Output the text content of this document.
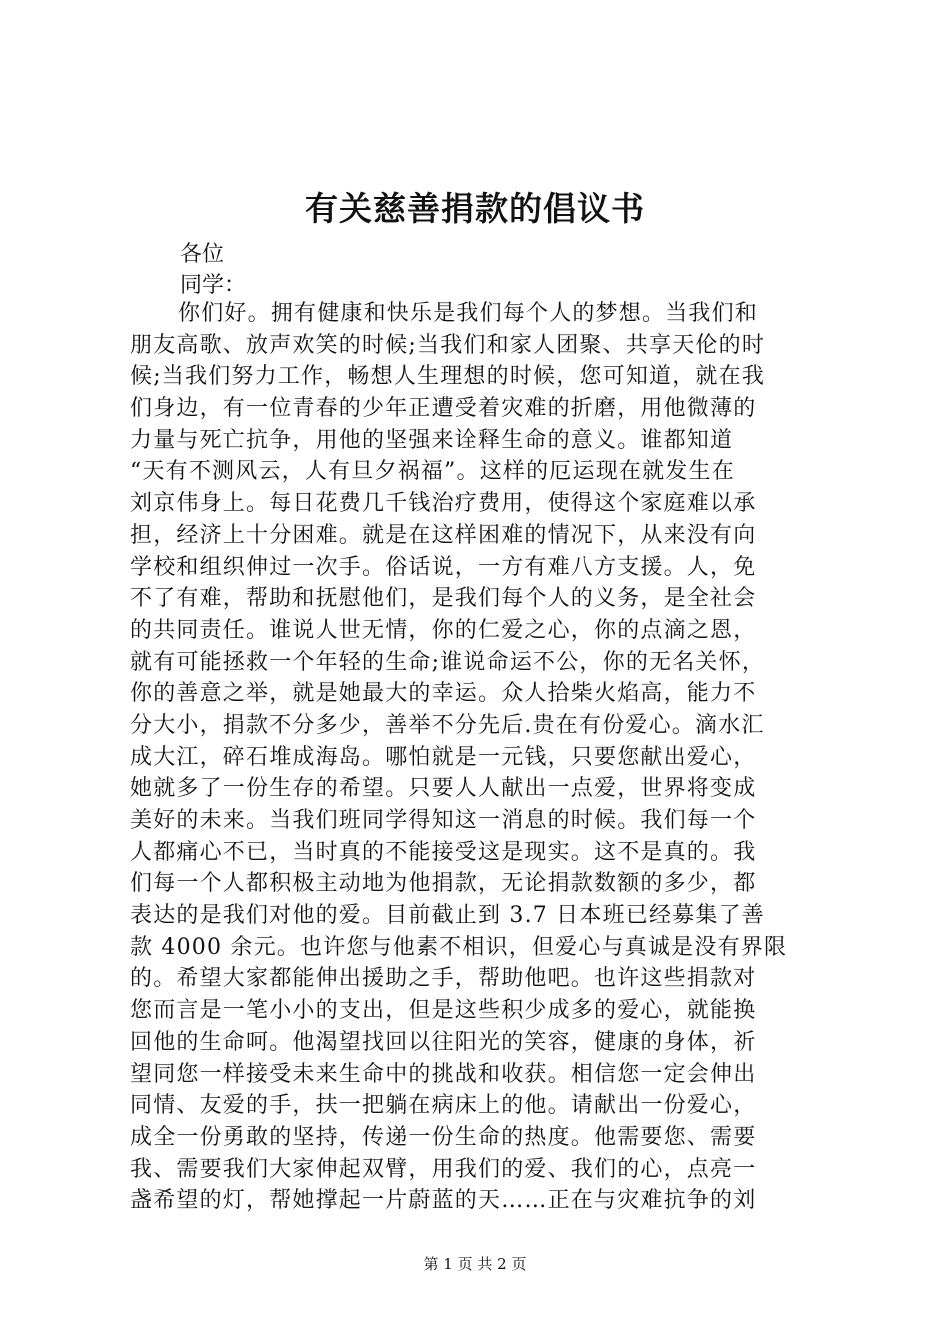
有关慈善捐款的倡议书
各位
同学：
你们好。拥有健康和快乐是我们每个人的梦想。当我们和
朋友高歌、放声欢笑的时候;当我们和家人团聚、共享天伦的时
候;当我们努力工作，畅想人生理想的时候，您可知道，就在我
们身边，有一位青春的少年正遭受着灾难的折磨，用他微薄的
力量与死亡抗争，用他的坚强来诠释生命的意义。谁都知道
“天有不测风云，人有旦夕祸福”。这样的厄运现在就发生在
刘京伟身上。每日花费几千钱治疗费用，使得这个家庭难以承
担，经济上十分困难。就是在这样困难的情况下，从来没有向
学校和组织伸过一次手。俗话说，一方有难八方支援。人，免
不了有难，帮助和抚慰他们，是我们每个人的义务，是全社会
的共同责任。谁说人世无情，你的仁爱之心，你的点滴之恩，
就有可能拯救一个年轻的生命;谁说命运不公，你的无名关怀，
你的善意之举，就是她最大的幸运。众人拾柴火焰高，能力不
分大小，捐款不分多少，善举不分先后.贵在有份爱心。滴水汇
成大江，碎石堆成海岛。哪怕就是一元钱，只要您献出爱心，
她就多了一份生存的希望。只要人人献出一点爱，世界将变成
美好的未来。当我们班同学得知这一消息的时候。我们每一个
人都痛心不已，当时真的不能接受这是现实。这不是真的。我
们每一个人都积极主动地为他捐款，无论捐款数额的多少，都
表达的是我们对他的爱。目前截止到 3.7 日本班已经募集了善
款 4000 余元。也许您与他素不相识，但爱心与真诚是没有界限
的。希望大家都能伸出援助之手，帮助他吧。也许这些捐款对
您而言是一笔小小的支出，但是这些积少成多的爱心，就能换
回他的生命呵。他渴望找回以往阳光的笑容，健康的身体，祈
望同您一样接受未来生命中的挑战和收获。相信您一定会伸出
同情、友爱的手，扶一把躺在病床上的他。请献出一份爱心，
成全一份勇敢的坚持，传递一份生命的热度。他需要您、需要
我、需要我们大家伸起双臂，用我们的爱、我们的心，点亮一
盏希望的灯，帮她撑起一片蔚蓝的天……正在与灾难抗争的刘
第 1 页 共 2 页
